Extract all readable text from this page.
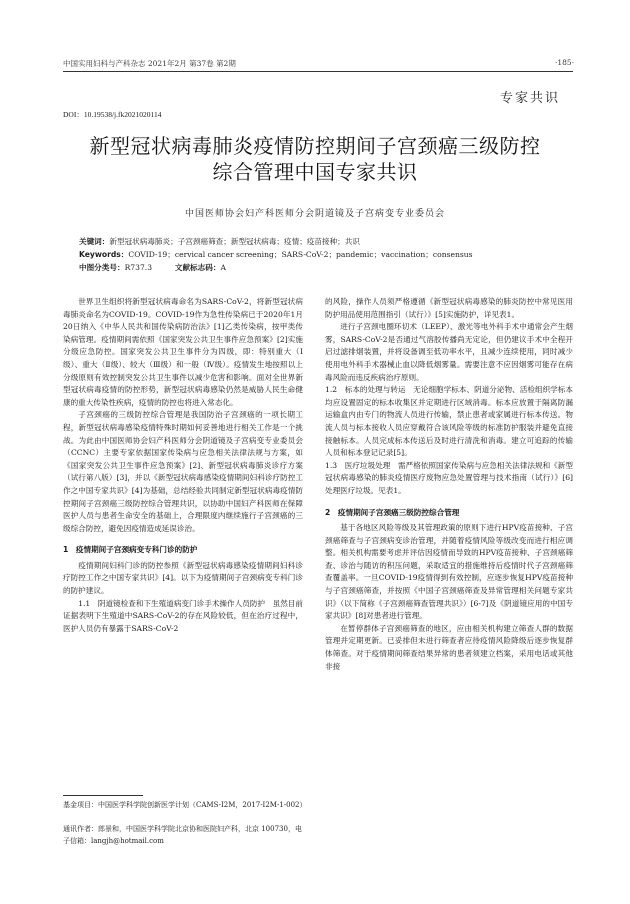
中国实用妇科与产科杂志 2021年2月 第37卷 第2期	·185·
专家共识
DOI：10.19538/j.fk2021020114
新型冠状病毒肺炎疫情防控期间子宫颈癌三级防控
综合管理中国专家共识
中国医师协会妇产科医师分会阴道镜及子宫病变专业委员会
关键词：新型冠状病毒肺炎；子宫颈癌筛查；新型冠状病毒；疫情；疫苗接种；共识
Keywords：COVID-19；cervical cancer screening；SARS-CoV-2；pandemic；vaccination；consensus
中图分类号：R737.3	文献标志码：A

世界卫生组织将新型冠状病毒命名为SARS-CoV-2，将新型冠状病毒肺炎命名为COVID-19。COVID-19作为急性传染病已于2020年1月20日纳入《中华人民共和国传染病防治法》[1]乙类传染病，按甲类传染病管理。疫情期间需依照《国家突发公共卫生事件应急预案》[2]实施分级应急防控。国家突发公共卫生事件分为四级，即：特别重大（Ⅰ级）、重大（Ⅱ级）、较大（Ⅲ级）和一般（Ⅳ级）。疫情发生地按照以上分级原则有效控制突发公共卫生事件以减少危害和影响。面对全世界新型冠状病毒疫情的防控形势，新型冠状病毒感染仍然是威胁人民生命健康的重大传染性疾病，疫情的防控也将进入常态化。

子宫颈癌的三级防控综合管理是我国防治子宫颈癌的一项长期工程，新型冠状病毒感染疫情特殊时期如何妥善地进行相关工作是一个挑战。为此由中国医师协会妇产科医师分会阴道镜及子宫病变专业委员会（CCNC）主要专家依据国家传染病与应急相关法律法规与方案，如《国家突发公共卫生事件应急预案》[2]、新型冠状病毒肺炎诊疗方案（试行第八版）[3]，并以《新型冠状病毒感染疫情期间妇科诊疗防控工作之中国专家共识》[4]为基础，总结经验共同制定新型冠状病毒疫情防控期间子宫颈癌三级防控综合管理共识，以协助中国妇产科医师在保障医护人员与患者生命安全的基础上，合理限度内继续施行子宫颈癌的三级综合防控，避免因疫情造成延误诊治。

1　疫情期间子宫颈病变专科门诊的防护

疫情期间妇科门诊的防控参照《新型冠状病毒感染疫情期间妇科诊疗防控工作之中国专家共识》[4]。以下为疫情期间子宫颈病变专科门诊的防护建议。

1.1　阴道镜检查和下生殖道病变门诊手术操作人员防护　虽然目前证据表明下生殖道中SARS-CoV-2的存在风险较低，但在治疗过程中，医护人员仍有暴露于SARS-CoV-2

的风险，操作人员须严格遵循《新型冠状病毒感染的肺炎防控中常见医用防护用品使用范围指引（试行）》[5]实施防护，详见表1。

进行子宫颈电圈环切术（LEEP）、激光等电外科手术中通常会产生烟雾，SARS-CoV-2是否通过气溶胶传播尚无定论，但仍建议手术中全程开启过滤排烟装置，并将设备调至低功率水平，且减少连续使用，同时减少使用电外科手术器械止血以降低烟雾量。需要注意不应因烟雾可能存在病毒风险而违反疾病治疗原则。

1.2　标本的处理与转运　无论细胞学标本、阴道分泌物、活检组织学标本均应设置固定的标本收集区并定期进行区域消毒。标本应放置于隔离防漏运输盒内由专门的物流人员进行传输，禁止患者或家属进行标本传送。物流人员与标本接收人员应穿戴符合该风险等级的标准防护服装并避免直接接触标本。人员完成标本传送后及时进行清洗和消毒。建立可追踪的传输人员和标本登记记录[5]。

1.3　医疗垃圾处理　需严格依照国家传染病与应急相关法律法规和《新型冠状病毒感染的肺炎疫情医疗废物应急处置管理与技术指南（试行）》[6]处理医疗垃圾。见表1。

2　疫情期间子宫颈癌三级防控综合管理

基于各地区风险等级及其管理政策的原则下进行HPV疫苗接种、子宫颈癌筛查与子宫颈病变诊治管理，并随着疫情风险等级改变而进行相应调整。相关机构需要考虑并评估因疫情而导致的HPV疫苗接种、子宫颈癌筛查、诊治与随访的积压问题，采取适宜的措施维持后疫情时代子宫颈癌筛查覆盖率。一旦COVID-19疫情得到有效控制，应逐步恢复HPV疫苗接种与子宫颈癌筛查，并按照《中国子宫颈癌筛查及异常管理相关问题专家共识》（以下简称《子宫颈癌筛查管理共识》）[6-7]及《阴道镜应用的中国专家共识》[8]对患者进行管理。

在暂停群体子宫颈癌筛查的地区，应由相关机构建立筛查人群的数据管理并定期更新。已妥排但未进行筛查者应待疫情风险降级后逐步恢复群体筛查。对于疫情期间筛查结果异常的患者须建立档案，采用电话或其他非接

基金项目：中国医学科学院创新医学计划（CAMS-I2M，2017-I2M-1-002）
通讯作者：郎景和，中国医学科学院北京协和医院妇产科，北京 100730，电子信箱：langjh@hotmail.com
